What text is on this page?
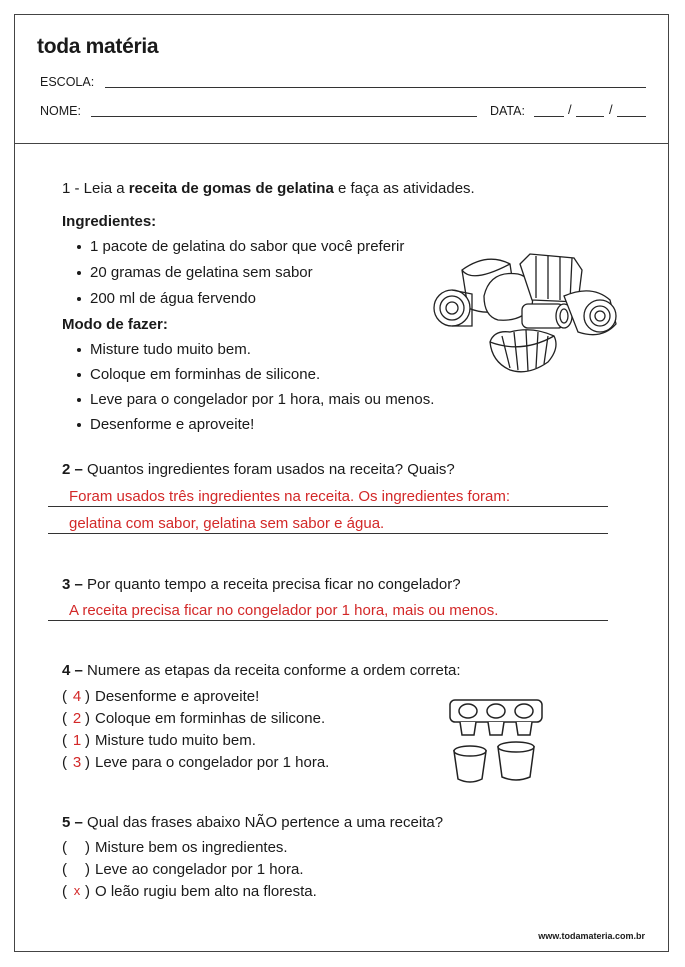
toda matéria
ESCOLA:
NOME:	DATA:	/	/
1 - Leia a receita de gomas de gelatina e faça as atividades.
Ingredientes:
1 pacote de gelatina do sabor que você preferir
20 gramas de gelatina sem sabor
200 ml de água fervendo
Modo de fazer:
Misture tudo muito bem.
Coloque em forminhas de silicone.
Leve para o congelador por 1 hora, mais ou menos.
Desenforme e aproveite!
2 – Quantos ingredientes foram usados na receita? Quais?
Foram usados três ingredientes na receita. Os ingredientes foram:
gelatina com sabor, gelatina sem sabor e água.
3 – Por quanto tempo a receita precisa ficar no congelador?
A receita precisa ficar no congelador por 1 hora, mais ou menos.
4 – Numere as etapas da receita conforme a ordem correta:
( 4 ) Desenforme e aproveite!
( 2 ) Coloque em forminhas de silicone.
( 1 ) Misture tudo muito bem.
( 3 ) Leve para o congelador por 1 hora.
5 – Qual das frases abaixo NÃO pertence a uma receita?
( ) Misture bem os ingredientes.
( ) Leve ao congelador por 1 hora.
( x ) O leão rugiu bem alto na floresta.
www.todamateria.com.br
